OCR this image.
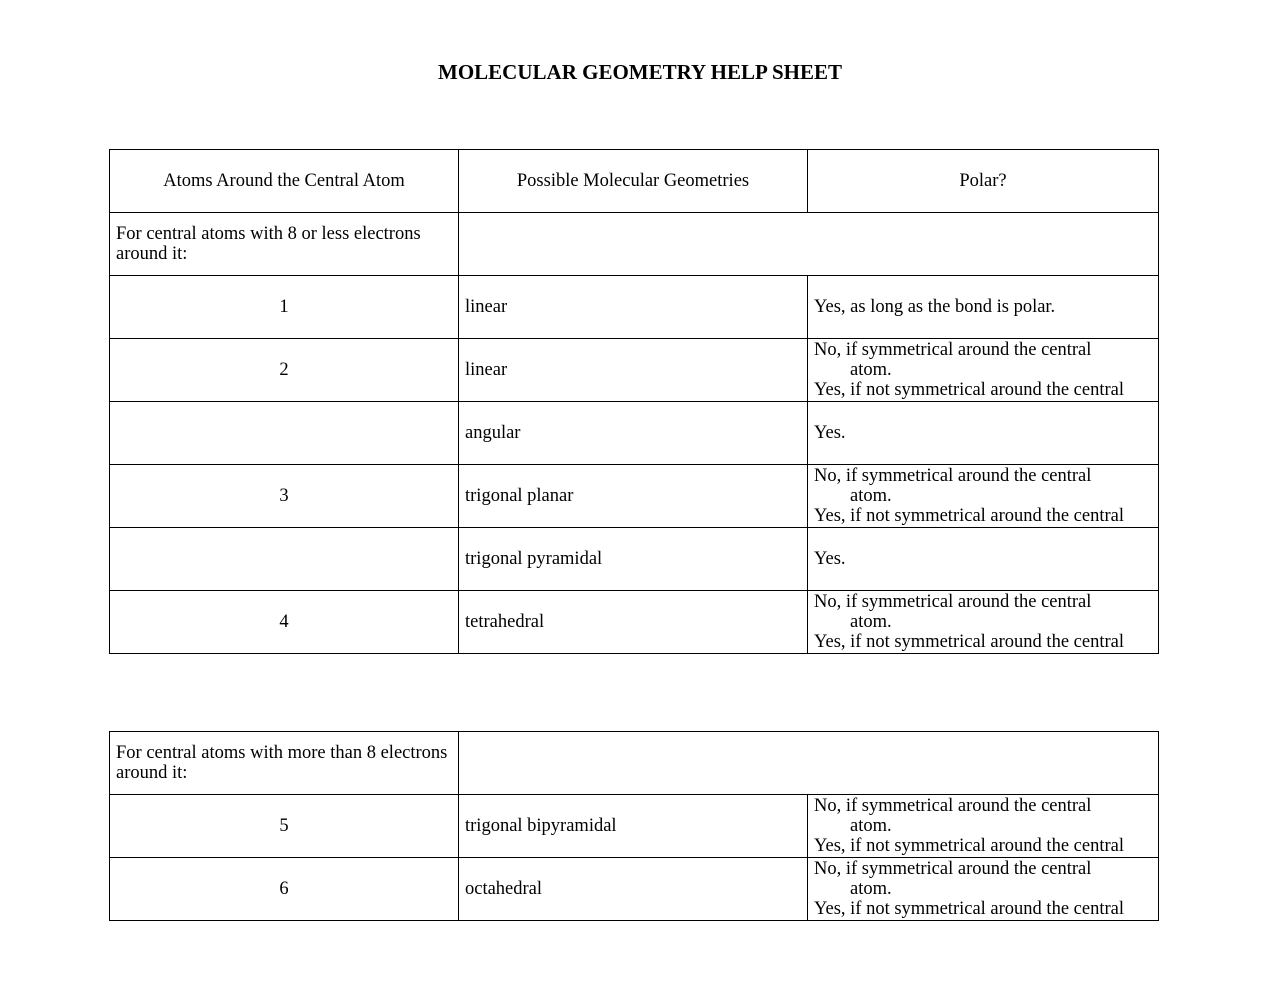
MOLECULAR GEOMETRY HELP SHEET
Atoms Around the Central Atom	Possible Molecular Geometries	Polar?
For central atoms with 8 or less electrons around it:		
1	linear	Yes, as long as the bond is polar.
2	linear	No, if symmetrical around the central
atom.
Yes, if not symmetrical around the central

	angular	Yes.
3	trigonal planar	No, if symmetrical around the central
atom.
Yes, if not symmetrical around the central

	trigonal pyramidal	Yes.
4	tetrahedral	No, if symmetrical around the central
atom.
Yes, if not symmetrical around the central
For central atoms with more than 8 electrons around it:		
5	trigonal bipyramidal	No, if symmetrical around the central
atom.
Yes, if not symmetrical around the central

6	octahedral	No, if symmetrical around the central
atom.
Yes, if not symmetrical around the central
